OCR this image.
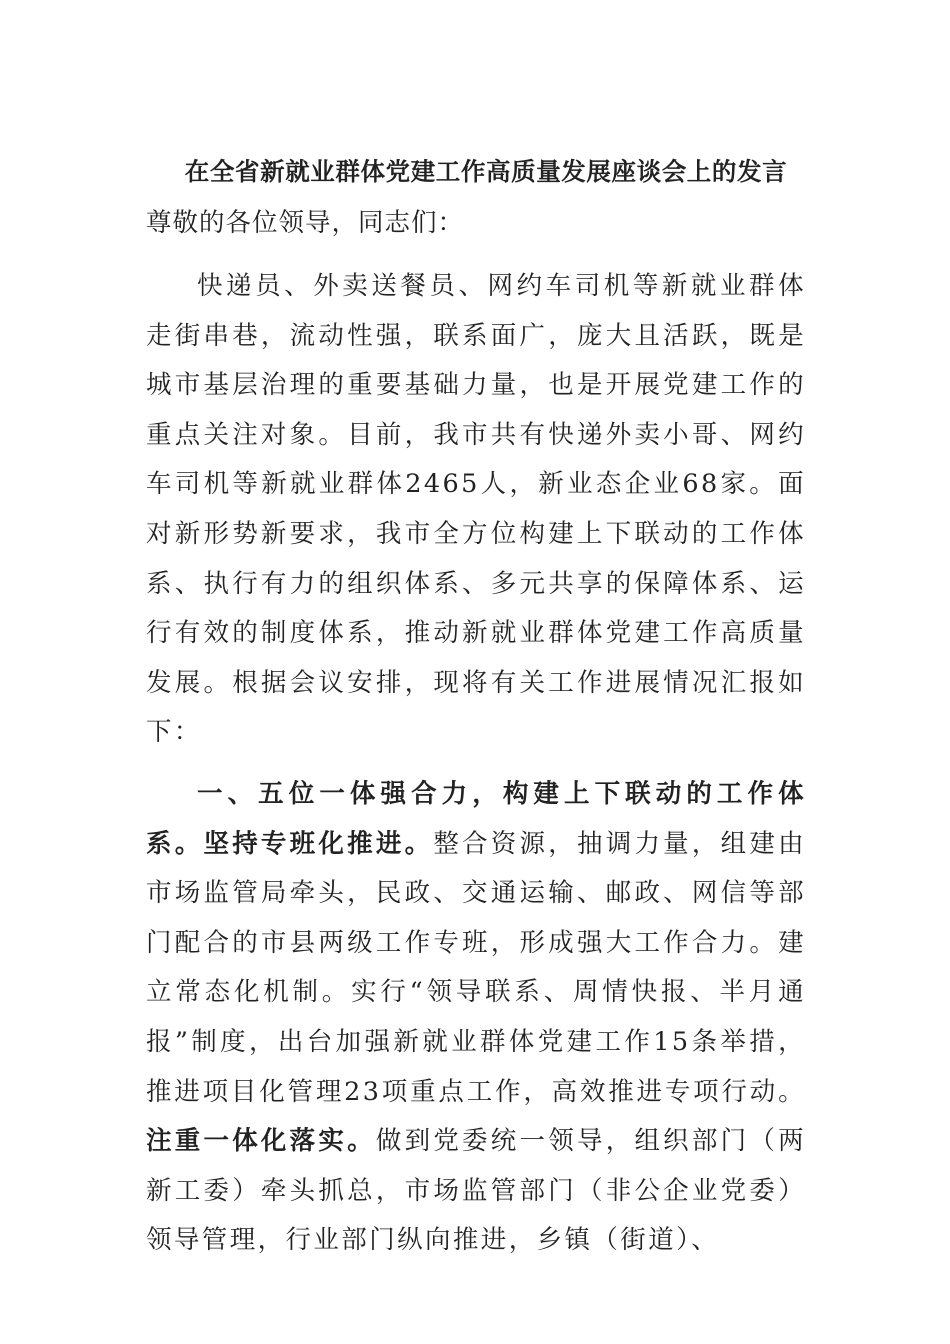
在全省新就业群体党建工作高质量发展座谈会上的发言
尊敬的各位领导，同志们：

快递员、外卖送餐员、网约车司机等新就业群体走街串巷，流动性强，联系面广，庞大且活跃，既是城市基层治理的重要基础力量，也是开展党建工作的重点关注对象。目前，我市共有快递外卖小哥、网约车司机等新就业群体2465人，新业态企业68家。面对新形势新要求，我市全方位构建上下联动的工作体系、执行有力的组织体系、多元共享的保障体系、运行有效的制度体系，推动新就业群体党建工作高质量发展。根据会议安排，现将有关工作进展情况汇报如下：

一、五位一体强合力，构建上下联动的工作体系。坚持专班化推进。整合资源，抽调力量，组建由市场监管局牵头，民政、交通运输、邮政、网信等部门配合的市县两级工作专班，形成强大工作合力。建立常态化机制。实行“领导联系、周情快报、半月通报”制度，出台加强新就业群体党建工作15条举措，推进项目化管理23项重点工作，高效推进专项行动。注重一体化落实。做到党委统一领导，组织部门（两新工委）牵头抓总，市场监管部门（非公企业党委）领导管理，行业部门纵向推进，乡镇（街道）、
